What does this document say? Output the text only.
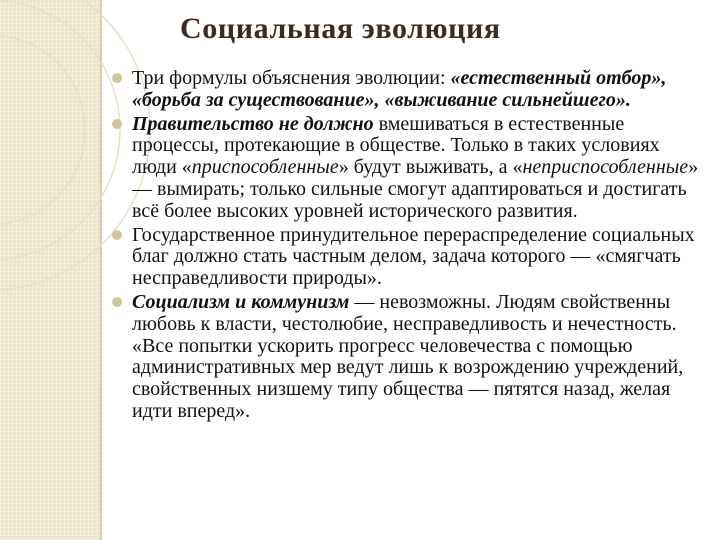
Социальная эволюция
Три формулы объяснения эволюции: «естественный отбор», «борьба за существование», «выживание сильнейшего».
Правительство не должно вмешиваться в естественные процессы, протекающие в обществе. Только в таких условиях люди «приспособленные» будут выживать, а «неприспособленные» — вымирать; только сильные смогут адаптироваться и достигать всё более высоких уровней исторического развития.
Государственное принудительное перераспределение социальных благ должно стать частным делом, задача которого — «смягчать несправедливости природы».
Социализм и коммунизм — невозможны. Людям свойственны любовь к власти, честолюбие, несправедливость и нечестность. «Все попытки ускорить прогресс человечества с помощью административных мер ведут лишь к возрождению учреждений, свойственных низшему типу общества — пятятся назад, желая идти вперед».
